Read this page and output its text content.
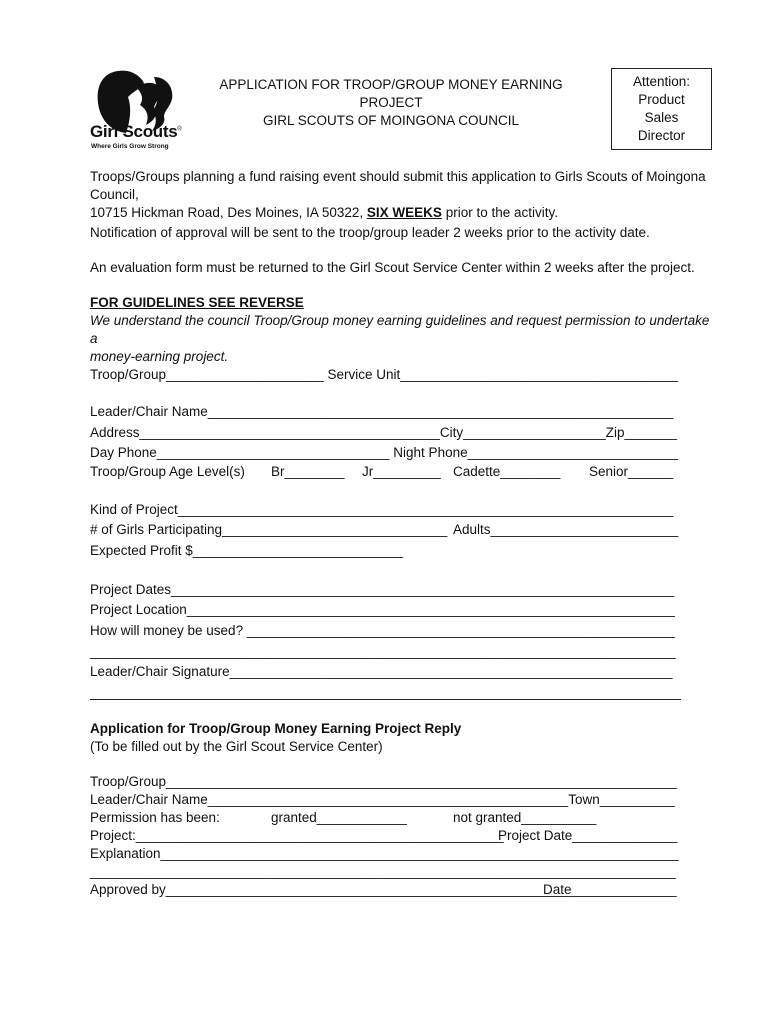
Girl Scouts®
Where Girls Grow Strong
APPLICATION FOR TROOP/GROUP MONEY EARNING PROJECT
GIRL SCOUTS OF MOINGONA COUNCIL
Attention:
Product
Sales
Director
Troops/Groups planning a fund raising event should submit this application to Girls Scouts of Moingona Council,
10715 Hickman Road, Des Moines, IA 50322, SIX WEEKS prior to the activity.
Notification of approval will be sent to the troop/group leader 2 weeks prior to the activity date.
An evaluation form must be returned to the Girl Scout Service Center within 2 weeks after the project.
FOR GUIDELINES SEE REVERSE
We understand the council Troop/Group money earning guidelines and request permission to undertake a
money-earning project.
Troop/Group_____________________ Service Unit_____________________________________
Leader/Chair Name______________________________________________________________
Address________________________________________City___________________Zip_______
Day Phone_______________________________ Night Phone____________________________
Troop/Group Age Level(s) Br________ Jr_________ Cadette________ Senior______
Kind of Project__________________________________________________________________
# of Girls Participating______________________________ Adults_________________________
Expected Profit $____________________________
Project Dates___________________________________________________________________
Project Location_________________________________________________________________
How will money be used? _________________________________________________________
______________________________________________________________________________
Leader/Chair Signature___________________________________________________________
Application for Troop/Group Money Earning Project Reply
(To be filled out by the Girl Scout Service Center)
Troop/Group____________________________________________________________________
Leader/Chair Name________________________________________________Town__________
Permission has been:	granted____________	not granted__________
Project:_________________________________________________
Project Date______________
Explanation_____________________________________________________________________
______________________________________________________________________________
Approved by______________________________________________________
Date______________
